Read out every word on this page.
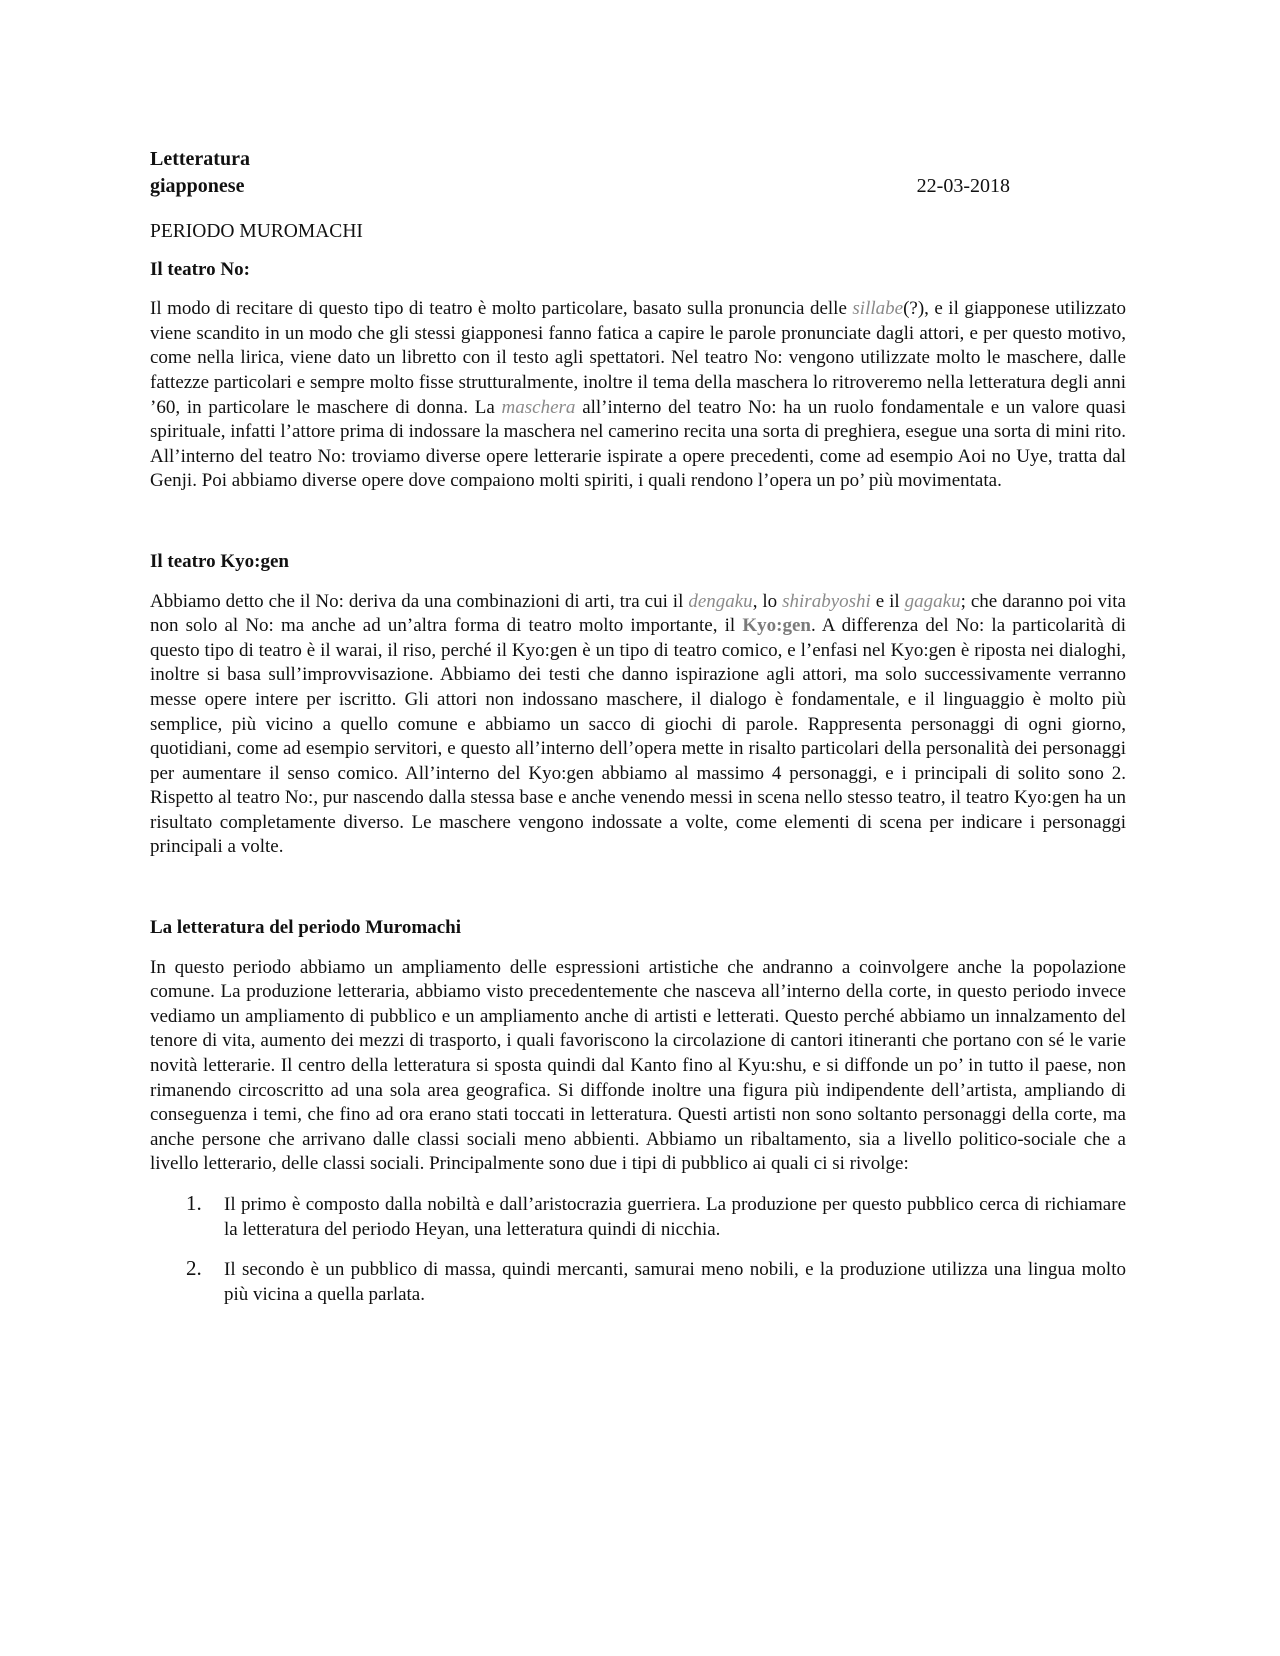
Letteratura
giapponese	22-03-2018
PERIODO MUROMACHI
Il teatro No:

Il modo di recitare di questo tipo di teatro è molto particolare, basato sulla pronuncia delle sillabe(?), e il giapponese utilizzato viene scandito in un modo che gli stessi giapponesi fanno fatica a capire le parole pronunciate dagli attori, e per questo motivo, come nella lirica, viene dato un libretto con il testo agli spettatori. Nel teatro No: vengono utilizzate molto le maschere, dalle fattezze particolari e sempre molto fisse strutturalmente, inoltre il tema della maschera lo ritroveremo nella letteratura degli anni ’60, in particolare le maschere di donna. La maschera all’interno del teatro No: ha un ruolo fondamentale e un valore quasi spirituale, infatti l’attore prima di indossare la maschera nel camerino recita una sorta di preghiera, esegue una sorta di mini rito. All’interno del teatro No: troviamo diverse opere letterarie ispirate a opere precedenti, come ad esempio Aoi no Uye, tratta dal Genji. Poi abbiamo diverse opere dove compaiono molti spiriti, i quali rendono l’opera un po’ più movimentata.

Il teatro Kyo:gen

Abbiamo detto che il No: deriva da una combinazioni di arti, tra cui il dengaku, lo shirabyoshi e il gagaku; che daranno poi vita non solo al No: ma anche ad un’altra forma di teatro molto importante, il Kyo:gen. A differenza del No: la particolarità di questo tipo di teatro è il warai, il riso, perché il Kyo:gen è un tipo di teatro comico, e l’enfasi nel Kyo:gen è riposta nei dialoghi, inoltre si basa sull’improvvisazione. Abbiamo dei testi che danno ispirazione agli attori, ma solo successivamente verranno messe opere intere per iscritto. Gli attori non indossano maschere, il dialogo è fondamentale, e il linguaggio è molto più semplice, più vicino a quello comune e abbiamo un sacco di giochi di parole. Rappresenta personaggi di ogni giorno, quotidiani, come ad esempio servitori, e questo all’interno dell’opera mette in risalto particolari della personalità dei personaggi per aumentare il senso comico. All’interno del Kyo:gen abbiamo al massimo 4 personaggi, e i principali di solito sono 2. Rispetto al teatro No:, pur nascendo dalla stessa base e anche venendo messi in scena nello stesso teatro, il teatro Kyo:gen ha un risultato completamente diverso. Le maschere vengono indossate a volte, come elementi di scena per indicare i personaggi principali a volte.

La letteratura del periodo Muromachi

In questo periodo abbiamo un ampliamento delle espressioni artistiche che andranno a coinvolgere anche la popolazione comune. La produzione letteraria, abbiamo visto precedentemente che nasceva all’interno della corte, in questo periodo invece vediamo un ampliamento di pubblico e un ampliamento anche di artisti e letterati. Questo perché abbiamo un innalzamento del tenore di vita, aumento dei mezzi di trasporto, i quali favoriscono la circolazione di cantori itineranti che portano con sé le varie novità letterarie. Il centro della letteratura si sposta quindi dal Kanto fino al Kyu:shu, e si diffonde un po’ in tutto il paese, non rimanendo circoscritto ad una sola area geografica. Si diffonde inoltre una figura più indipendente dell’artista, ampliando di conseguenza i temi, che fino ad ora erano stati toccati in letteratura. Questi artisti non sono soltanto personaggi della corte, ma anche persone che arrivano dalle classi sociali meno abbienti. Abbiamo un ribaltamento, sia a livello politico-sociale che a livello letterario, delle classi sociali. Principalmente sono due i tipi di pubblico ai quali ci si rivolge:

1. Il primo è composto dalla nobiltà e dall’aristocrazia guerriera. La produzione per questo pubblico cerca di richiamare la letteratura del periodo Heyan, una letteratura quindi di nicchia.
2. Il secondo è un pubblico di massa, quindi mercanti, samurai meno nobili, e la produzione utilizza una lingua molto più vicina a quella parlata.
